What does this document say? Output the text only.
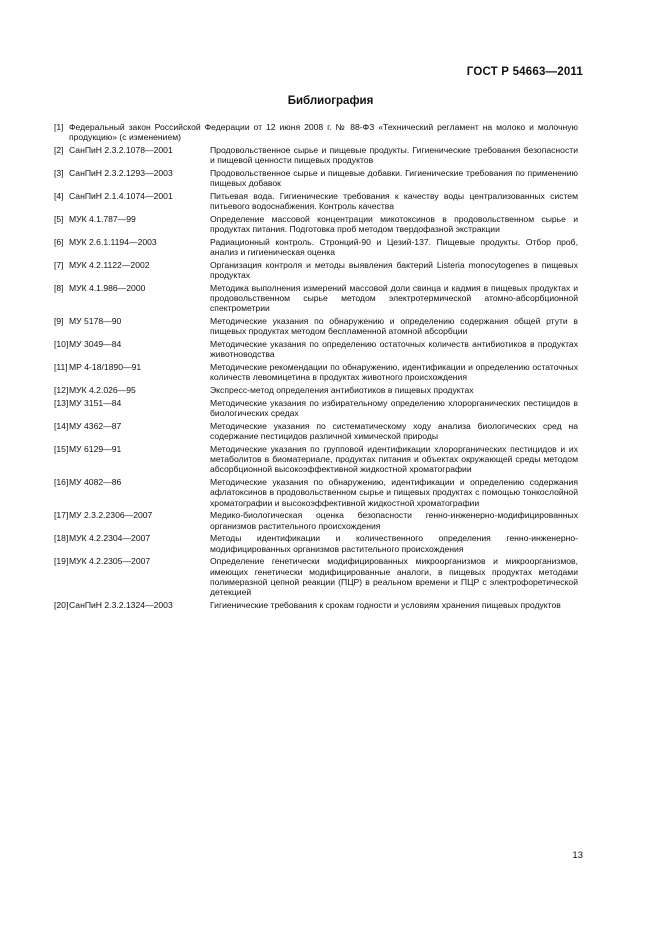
ГОСТ Р 54663—2011
Библиография
[1] Федеральный закон Российской Федерации от 12 июня 2008 г. № 88-ФЗ «Технический регламент на молоко и молочную продукцию» (с изменением)
[2] СанПиН 2.3.2.1078—2001	Продовольственное сырье и пищевые продукты. Гигиенические требования безопасности и пищевой ценности пищевых продуктов
[3] СанПиН 2.3.2.1293—2003	Продовольственное сырье и пищевые добавки. Гигиенические требования по применению пищевых добавок
[4] СанПиН 2.1.4.1074—2001	Питьевая вода. Гигиенические требования к качеству воды централизованных систем питьевого водоснабжения. Контроль качества
[5] МУК 4.1.787—99	Определение массовой концентрации микотоксинов в продовольственном сырье и продуктах питания. Подготовка проб методом твердофазной экстракции
[6] МУК 2.6.1.1194—2003	Радиационный контроль. Стронций-90 и Цезий-137. Пищевые продукты. Отбор проб, анализ и гигиеническая оценка
[7] МУК 4.2.1122—2002	Организация контроля и методы выявления бактерий Listeria monocytogenes в пищевых продуктах
[8] МУК 4.1.986—2000	Методика выполнения измерений массовой доли свинца и кадмия в пищевых продуктах и продовольственном сырье методом электротермической атомно-абсорбционной спектрометрии
[9] МУ 5178—90	Методические указания по обнаружению и определению содержания общей ртути в пищевых продуктах методом беспламенной атомной абсорбции
[10] МУ 3049—84	Методические указания по определению остаточных количеств антибиотиков в продуктах животноводства
[11] МР 4-18/1890—91	Методические рекомендации по обнаружению, идентификации и определению остаточных количеств левомицетина в продуктах животного происхождения
[12] МУК 4.2.026—95	Экспресс-метод определения антибиотиков в пищевых продуктах
[13] МУ 3151—84	Методические указания по избирательному определению хлорорганических пестицидов в биологических средах
[14] МУ 4362—87	Методические указания по систематическому ходу анализа биологических сред на содержание пестицидов различной химической природы
[15] МУ 6129—91	Методические указания по групповой идентификации хлорорганических пестицидов и их метаболитов в биоматериале, продуктах питания и объектах окружающей среды методом абсорбционной высокоэффективной жидкостной хроматографии
[16] МУ 4082—86	Методические указания по обнаружению, идентификации и определению содержания афлатоксинов в продовольственном сырье и пищевых продуктах с помощью тонкослойной хроматографии и высокоэффективной жидкостной хроматографии
[17] МУ 2.3.2.2306—2007	Медико-биологическая оценка безопасности генно-инженерно-модифицированных организмов растительного происхождения
[18] МУК 4.2.2304—2007	Методы идентификации и количественного определения генно-инженерно-модифицированных организмов растительного происхождения
[19] МУК 4.2.2305—2007	Определение генетически модифицированных микроорганизмов и микроорганизмов, имеющих генетически модифицированные аналоги, в пищевых продуктах методами полимеразной цепной реакции (ПЦР) в реальном времени и ПЦР с электрофоретической детекцией
[20] СанПиН 2.3.2.1324—2003	Гигиенические требования к срокам годности и условиям хранения пищевых продуктов
13
